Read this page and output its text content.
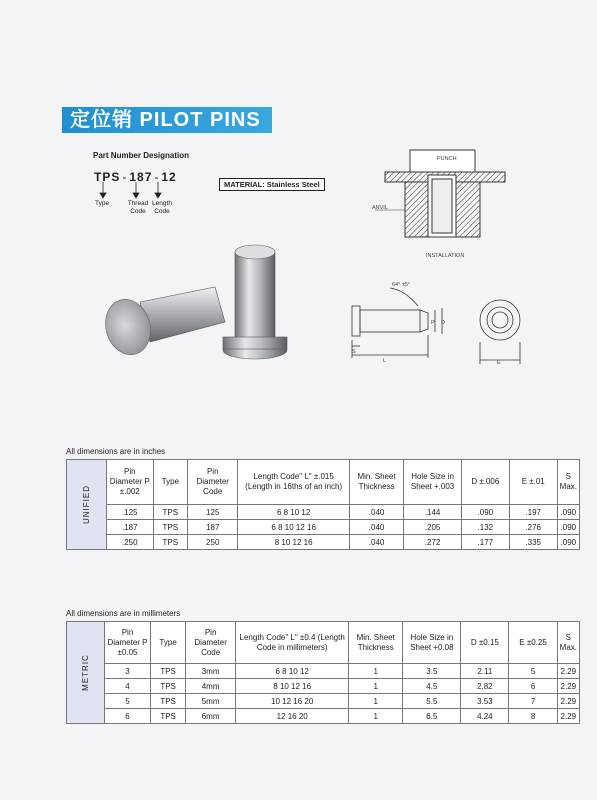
定位销 PILOT PINS
Part Number Designation
TPS - 187 - 12
Type	Thread Code
Length Code
MATERIAL: Stainless Steel
PUNCH
ANVIL
INSTALLATION
64° ±5°
L
S
P D
E
All dimensions are in inches
UNIFIED	Pin Diameter P ±.002	Type	Pin Diameter Code	Length Code" L" ±.015 (Length in 16ths of an inch)	Min. Sheet Thickness	Hole Size in Sheet +.003	D ±.006	E ±.01	S Max.
	.125	TPS	125	6 8 10 12	.040	.144	.090	.197	.090
	.187	TPS	187	6 8 10 12 16	.040	.205	.132	.276	.090
	.250	TPS	250	8 10 12 16	.040	.272	.177	.335	.090
All dimensions are in millimeters
METRIC	Pin Diameter P ±0.05	Type	Pin Diameter Code	Length Code" L" ±0.4 (Length Code in millimeters)	Min. Sheet Thickness	Hole Size in Sheet +0.08	D ±0.15	E ±0.25	S Max.
	3	TPS	3mm	6 8 10 12	1	3.5	2.11	5	2.29
	4	TPS	4mm	8 10 12 16	1	4.5	2.82	6	2.29
	5	TPS	5mm	10 12 16 20	1	5.5	3.53	7	2.29
	6	TPS	6mm	12 16 20	1	6.5	4.24	8	2.29
